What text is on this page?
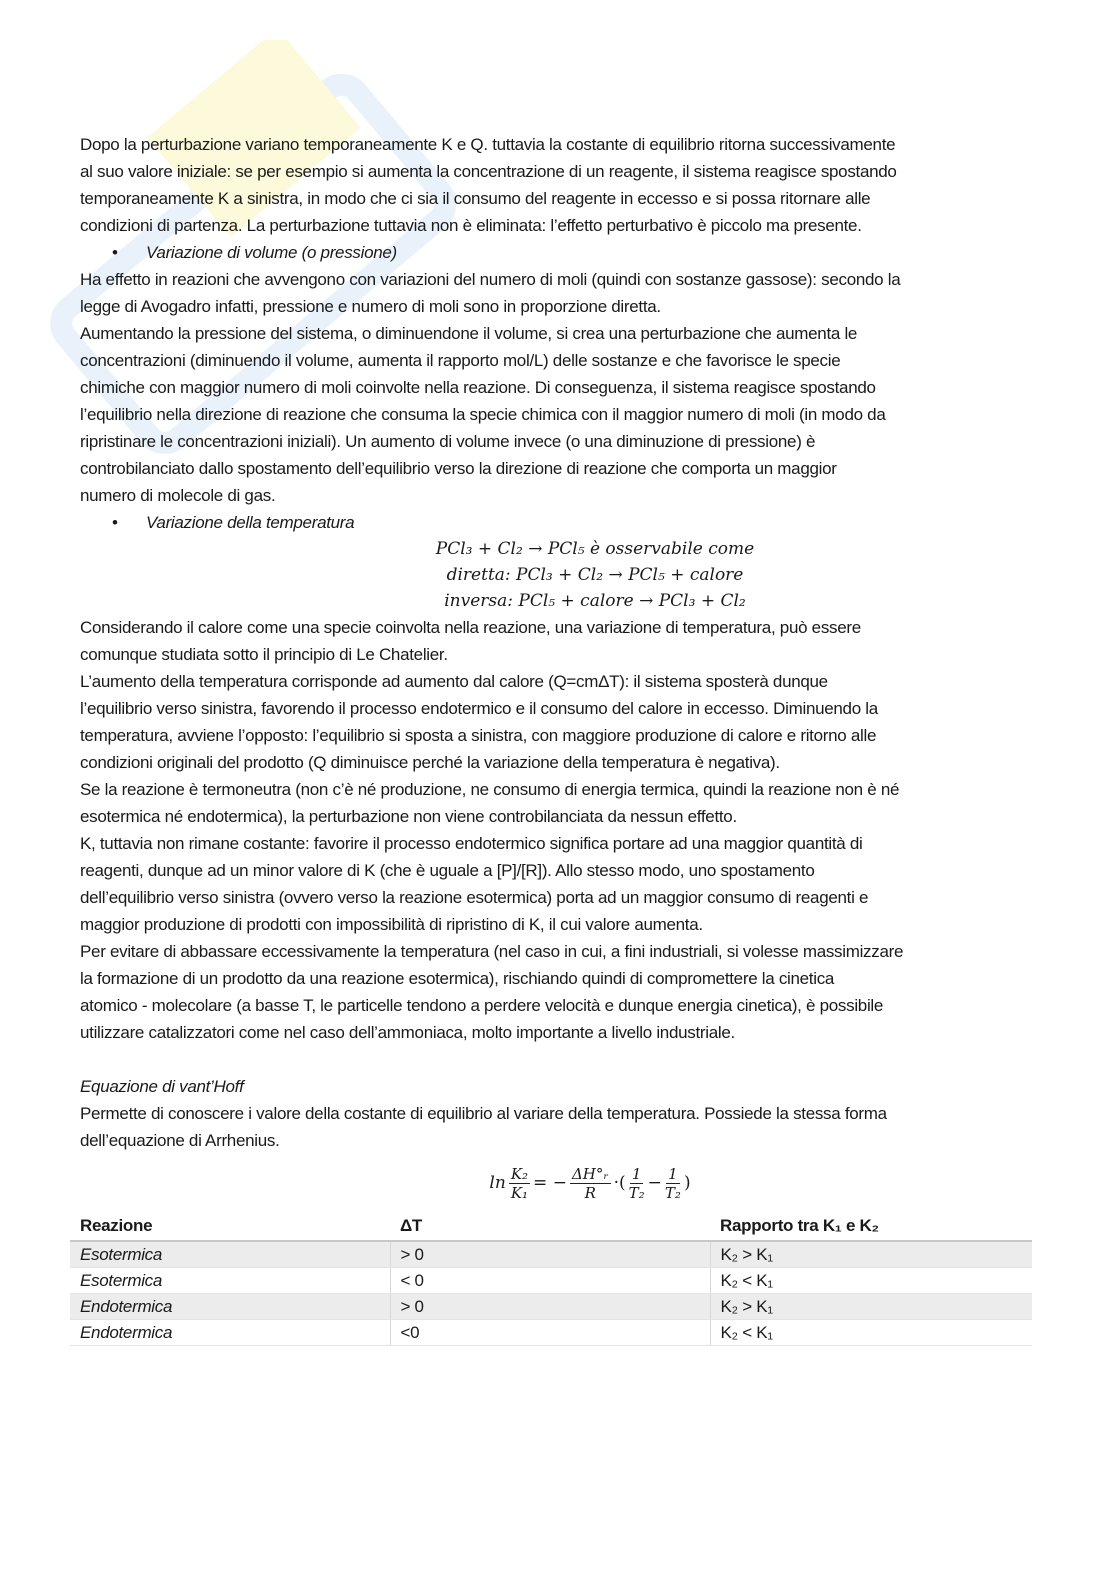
Dopo la perturbazione variano temporaneamente K e Q. tuttavia la costante di equilibrio ritorna successivamente
al suo valore iniziale: se per esempio si aumenta la concentrazione di un reagente, il sistema reagisce spostando
temporaneamente K a sinistra, in modo che ci sia il consumo del reagente in eccesso e si possa ritornare alle
condizioni di partenza. La perturbazione tuttavia non è eliminata: l’effetto perturbativo è piccolo ma presente.
•	Variazione di volume (o pressione)
Ha effetto in reazioni che avvengono con variazioni del numero di moli (quindi con sostanze gassose): secondo la
legge di Avogadro infatti, pressione e numero di moli sono in proporzione diretta.
Aumentando la pressione del sistema, o diminuendone il volume, si crea una perturbazione che aumenta le
concentrazioni (diminuendo il volume, aumenta il rapporto mol/L) delle sostanze e che favorisce le specie
chimiche con maggior numero di moli coinvolte nella reazione. Di conseguenza, il sistema reagisce spostando
l’equilibrio nella direzione di reazione che consuma la specie chimica con il maggior numero di moli (in modo da
ripristinare le concentrazioni iniziali). Un aumento di volume invece (o una diminuzione di pressione) è
controbilanciato dallo spostamento dell’equilibrio verso la direzione di reazione che comporta un maggior
numero di molecole di gas.
•	Variazione della temperatura
PCl₃ + Cl₂ → PCl₅ è osservabile come
diretta: PCl₃ + Cl₂ → PCl₅ + calore
inversa: PCl₅ + calore → PCl₃ + Cl₂
Considerando il calore come una specie coinvolta nella reazione, una variazione di temperatura, può essere
comunque studiata sotto il principio di Le Chatelier.
L’aumento della temperatura corrisponde ad aumento dal calore (Q=cmΔT): il sistema sposterà dunque
l’equilibrio verso sinistra, favorendo il processo endotermico e il consumo del calore in eccesso. Diminuendo la
temperatura, avviene l’opposto: l’equilibrio si sposta a sinistra, con maggiore produzione di calore e ritorno alle
condizioni originali del prodotto (Q diminuisce perché la variazione della temperatura è negativa).
Se la reazione è termoneutra (non c’è né produzione, ne consumo di energia termica, quindi la reazione non è né
esotermica né endotermica), la perturbazione non viene controbilanciata da nessun effetto.
K, tuttavia non rimane costante: favorire il processo endotermico significa portare ad una maggior quantità di
reagenti, dunque ad un minor valore di K (che è uguale a [P]/[R]). Allo stesso modo, uno spostamento
dell’equilibrio verso sinistra (ovvero verso la reazione esotermica) porta ad un maggior consumo di reagenti e
maggior produzione di prodotti con impossibilità di ripristino di K, il cui valore aumenta.
Per evitare di abbassare eccessivamente la temperatura (nel caso in cui, a fini industriali, si volesse massimizzare
la formazione di un prodotto da una reazione esotermica), rischiando quindi di compromettere la cinetica
atomico - molecolare (a basse T, le particelle tendono a perdere velocità e dunque energia cinetica), è possibile
utilizzare catalizzatori come nel caso dell’ammoniaca, molto importante a livello industriale.
Equazione di vant’Hoff
Permette di conoscere i valore della costante di equilibrio al variare della temperatura. Possiede la stessa forma
dell’equazione di Arrhenius.
$\ln \frac{\text{K₂}}{\text{K₁}}$ = − $\frac{\text{ΔH°ᵣ}}{R}$ ·( $\frac{1}{\text{T₂}} - \frac{1}{\text{T₂}}$ )
Reazione	ΔT	Rapporto tra K₁ e K₂
Esotermica	> 0	K₂ > K₁
Esotermica	< 0	K₂ < K₁
Endotermica	> 0	K₂ > K₁
Endotermica	<0	K₂ < K₁
